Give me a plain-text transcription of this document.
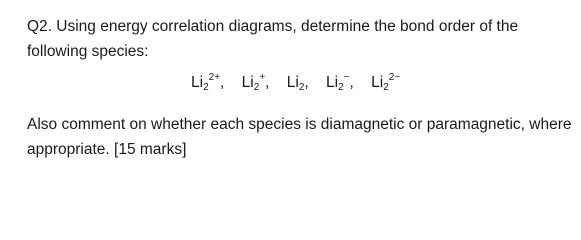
Q2. Using energy correlation diagrams, determine the bond order of the
following species:
$Li_2^{2+}$, $Li_2^+$, $Li_2$, $Li_2^-$, $Li_2^{2-}$
Also comment on whether each species is diamagnetic or paramagnetic, where
appropriate. [15 marks]
